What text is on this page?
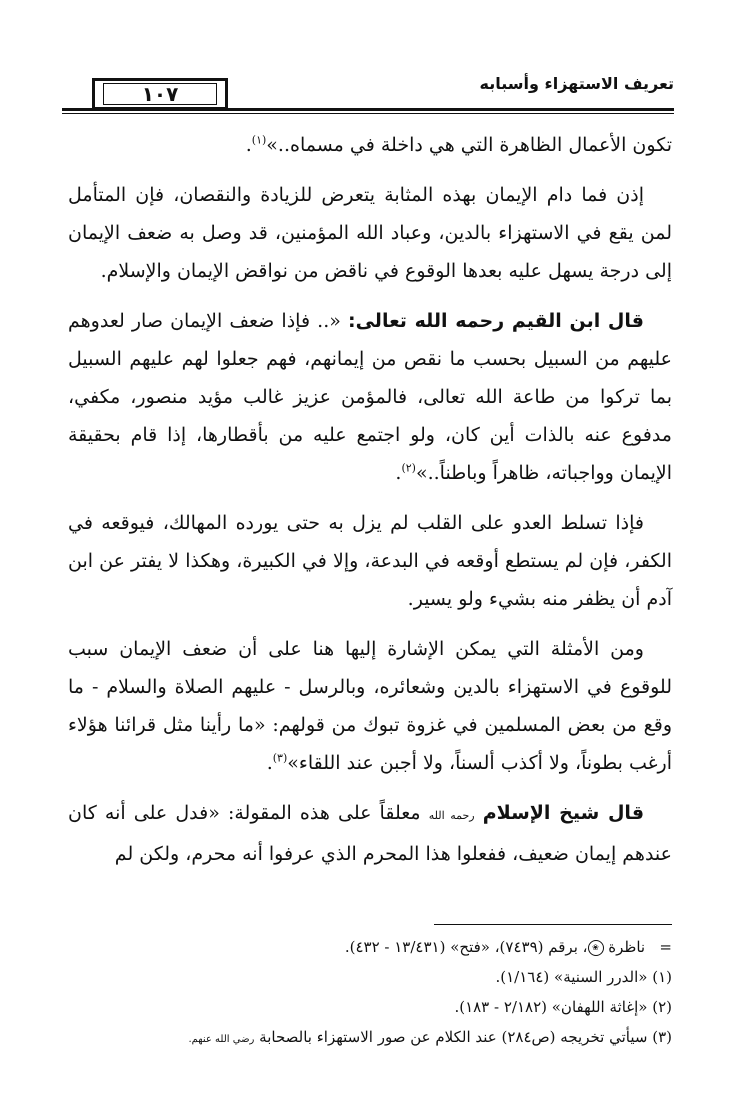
١٠٧	تعريف الاستهزاء وأسبابه

تكون الأعمال الظاهرة التي هي داخلة في مسماه..»$^{(١)}$.

إذن فما دام الإيمان بهذه المثابة يتعرض للزيادة والنقصان، فإن المتأمل لمن يقع في الاستهزاء بالدين، وعباد الله المؤمنين، قد وصل به ضعف الإيمان إلى درجة يسهل عليه بعدها الوقوع في ناقض من نواقض الإيمان والإسلام.

قال ابن القيم رحمه الله تعالى: «.. فإذا ضعف الإيمان صار لعدوهم عليهم من السبيل بحسب ما نقص من إيمانهم، فهم جعلوا لهم عليهم السبيل بما تركوا من طاعة الله تعالى، فالمؤمن عزيز غالب مؤيد منصور، مكفي، مدفوع عنه بالذات أين كان، ولو اجتمع عليه من بأقطارها، إذا قام بحقيقة الإيمان وواجباته، ظاهراً وباطناً..»$^{(٢)}$.

فإذا تسلط العدو على القلب لم يزل به حتى يورده المهالك، فيوقعه في الكفر، فإن لم يستطع أوقعه في البدعة، وإلا في الكبيرة، وهكذا لا يفتر عن ابن آدم أن يظفر منه بشيء ولو يسير.

ومن الأمثلة التي يمكن الإشارة إليها هنا على أن ضعف الإيمان سبب للوقوع في الاستهزاء بالدين وشعائره، وبالرسل - عليهم الصلاة والسلام - ما وقع من بعض المسلمين في غزوة تبوك من قولهم: «ما رأينا مثل قرائنا هؤلاء أرغب بطوناً، ولا أكذب ألسناً، ولا أجبن عند اللقاء»$^{(٣)}$.

قال شيخ الإسلام رحمه الله معلقاً على هذه المقولة: «فدل على أنه كان عندهم إيمان ضعيف، ففعلوا هذا المحرم الذي عرفوا أنه محرم، ولكن لم

=   ناظرة ❀، برقم (٧٤٣٩)، «فتح» (١٣/٤٣١ - ٤٣٢).
(١) «الدرر السنية» (١/١٦٤).
(٢) «إغاثة اللهفان» (٢/١٨٢ - ١٨٣).
(٣) سيأتي تخريجه (ص٢٨٤) عند الكلام عن صور الاستهزاء بالصحابة رضي الله عنهم.
